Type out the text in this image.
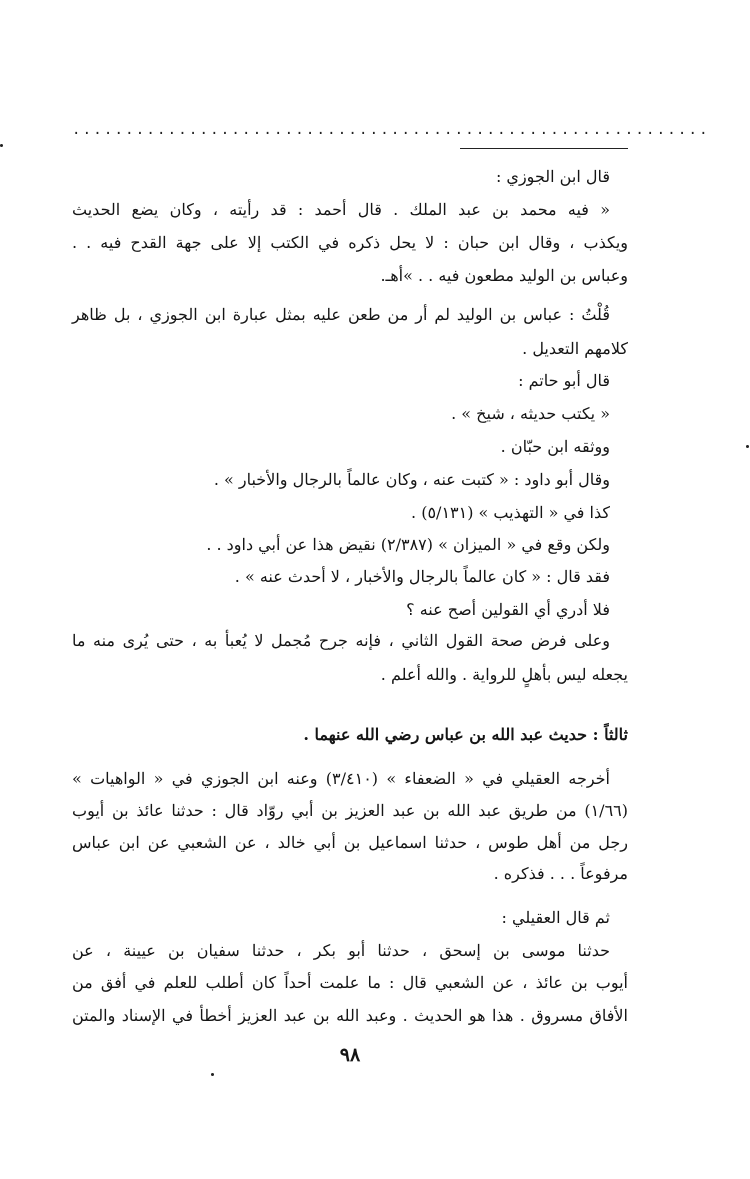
............................................................
قال ابن الجوزي :
« فيه محمد بن عبد الملك . قال أحمد : قد رأيته ، وكان يضع الحديث
ويكذب ، وقال ابن حبان : لا يحل ذكره في الكتب إلا على جهة القدح فيه . .
وعباس بن الوليد مطعون فيه . . »أهـ.
قُلْتُ : عباس بن الوليد لم أر من طعن عليه بمثل عبارة ابن الجوزي ، بل ظاهر
كلامهم التعديل .
قال أبو حاتم :
« يكتب حديثه ، شيخ » .
ووثقه ابن حبّان .
وقال أبو داود : « كتبت عنه ، وكان عالماً بالرجال والأخبار » .
كذا في « التهذيب » (٥/١٣١) .
ولكن وقع في « الميزان » (٢/٣٨٧) نقيض هذا عن أبي داود . .
فقد قال : « كان عالماً بالرجال والأخبار ، لا أحدث عنه » .
فلا أدري أي القولين أصح عنه ؟
وعلى فرض صحة القول الثاني ، فإنه جرح مُجمل لا يُعبأ به ، حتى يُرى منه ما
يجعله ليس بأهلٍ للرواية . والله أعلم .
ثالثاً : حديث عبد الله بن عباس رضي الله عنهما .
أخرجه العقيلي في « الضعفاء » (٣/٤١٠) وعنه ابن الجوزي في « الواهيات »
(١/٦٦) من طريق عبد الله بن عبد العزيز بن أبي روّاد قال : حدثنا عائذ بن أيوب
رجل من أهل طوس ، حدثنا اسماعيل بن أبي خالد ، عن الشعبي عن ابن عباس
مرفوعاً . . . فذكره .
ثم قال العقيلي :
حدثنا موسى بن إسحق ، حدثنا أبو بكر ، حدثنا سفيان بن عيينة ، عن
أيوب بن عائذ ، عن الشعبي قال : ما علمت أحداً كان أطلب للعلم في أفق من
الأفاق مسروق . هذا هو الحديث . وعبد الله بن عبد العزيز أخطأ في الإسناد والمتن
٩٨
